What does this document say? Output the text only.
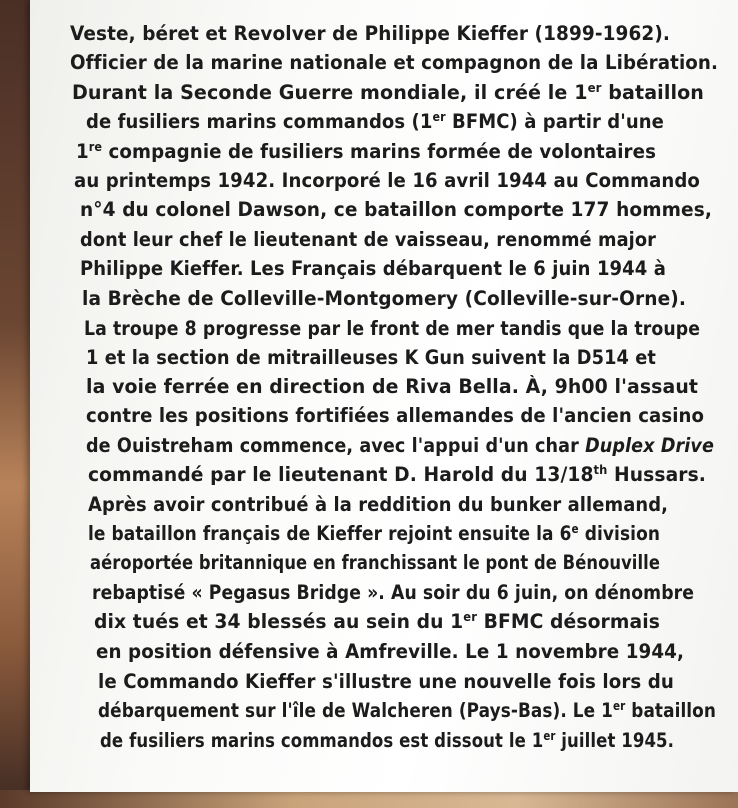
Veste, béret et Revolver de Philippe Kieffer (1899-1962).
Officier de la marine nationale et compagnon de la Libération.
Durant la Seconde Guerre mondiale, il créé le 1er bataillon
de fusiliers marins commandos (1er BFMC) à partir d'une
1re compagnie de fusiliers marins formée de volontaires
au printemps 1942. Incorporé le 16 avril 1944 au Commando
n°4 du colonel Dawson, ce bataillon comporte 177 hommes,
dont leur chef le lieutenant de vaisseau, renommé major
Philippe Kieffer. Les Français débarquent le 6 juin 1944 à
la Brèche de Colleville-Montgomery (Colleville-sur-Orne).
La troupe 8 progresse par le front de mer tandis que la troupe
1 et la section de mitrailleuses K Gun suivent la D514 et
la voie ferrée en direction de Riva Bella. À, 9h00 l'assaut
contre les positions fortifiées allemandes de l'ancien casino
de Ouistreham commence, avec l'appui d'un char Duplex Drive
commandé par le lieutenant D. Harold du 13/18th Hussars.
Après avoir contribué à la reddition du bunker allemand,
le bataillon français de Kieffer rejoint ensuite la 6e division
aéroportée britannique en franchissant le pont de Bénouville
rebaptisé « Pegasus Bridge ». Au soir du 6 juin, on dénombre
dix tués et 34 blessés au sein du 1er BFMC désormais
en position défensive à Amfreville. Le 1 novembre 1944,
le Commando Kieffer s'illustre une nouvelle fois lors du
débarquement sur l'île de Walcheren (Pays-Bas). Le 1er bataillon
de fusiliers marins commandos est dissout le 1er juillet 1945.
